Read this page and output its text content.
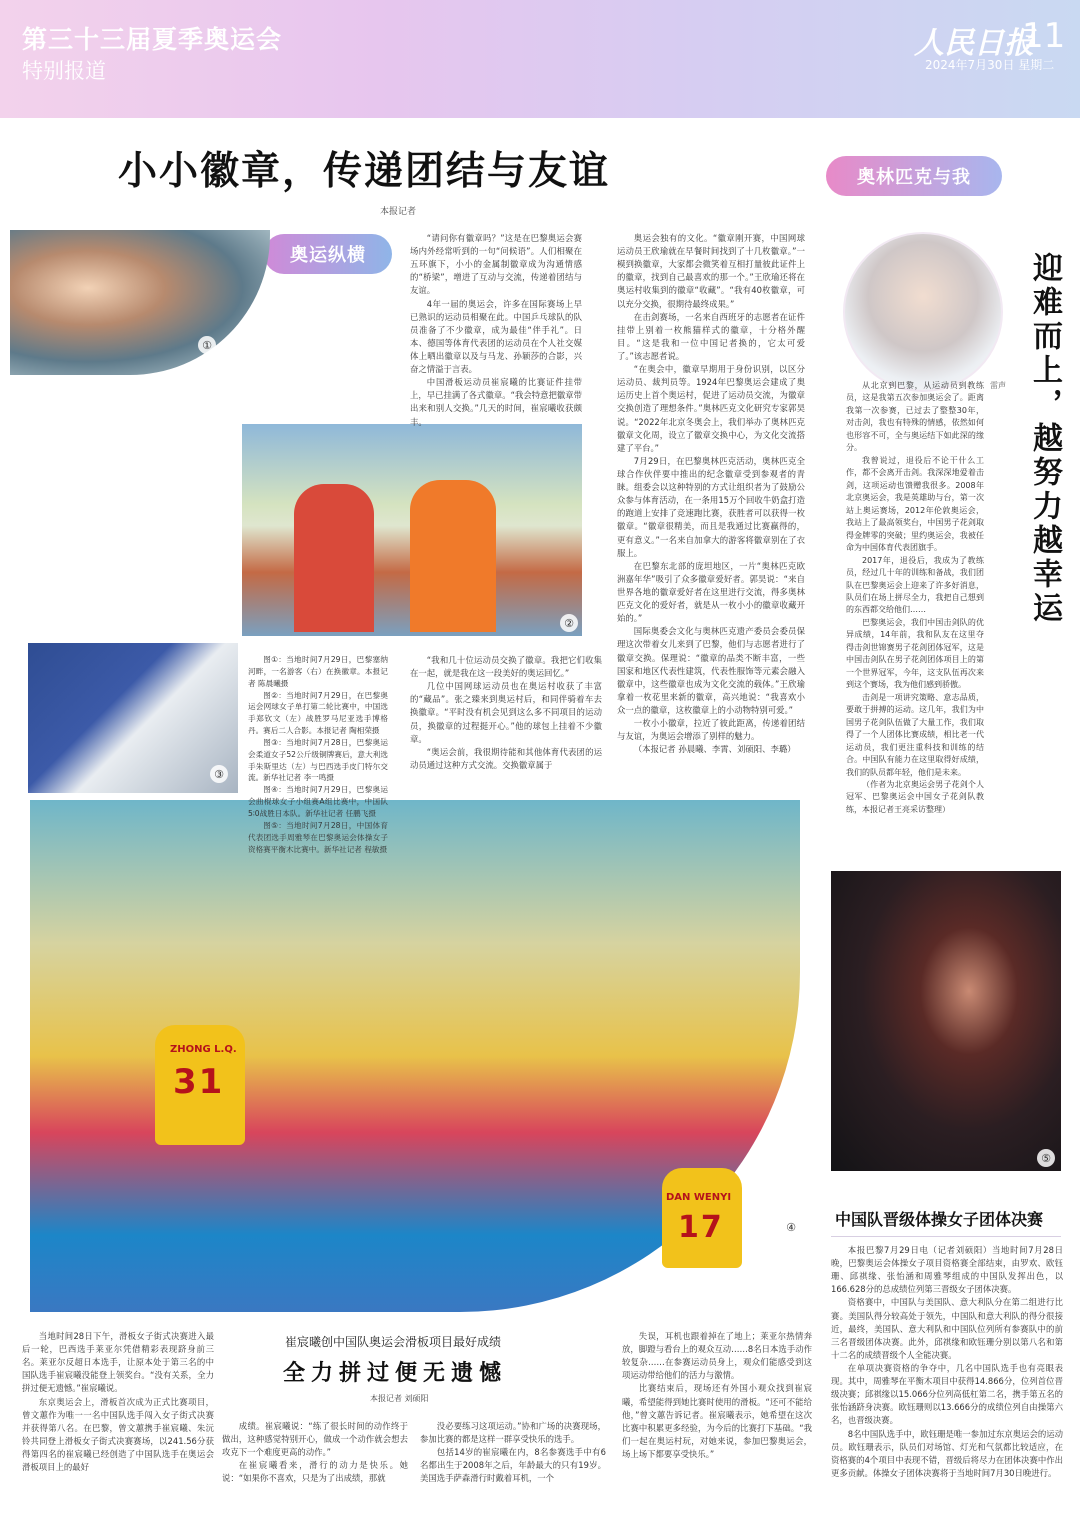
第三十三届夏季奥运会
特别报道
人民日报
11
2024年7月30日 星期二
小小徽章，传递团结与友谊
本报记者
奥运纵横
奥林匹克与我
①
②
③
31
ZHONG L.Q.
17
DAN WENYI
④
⑤

“请问你有徽章吗？”这是在巴黎奥运会赛场内外经常听到的一句“问候语”。人们相聚在五环旗下，小小的金属制徽章成为沟通情感的“桥梁”，增进了互动与交流，传递着团结与友谊。

4年一届的奥运会，许多在国际赛场上早已熟识的运动员相聚在此。中国乒乓球队的队员准备了不少徽章，成为最佳“伴手礼”。日本、德国等体育代表团的运动员在个人社交媒体上晒出徽章以及与马龙、孙颖莎的合影，兴奋之情溢于言表。

中国滑板运动员崔宸曦的比赛证件挂带上，早已挂满了各式徽章。“我会特意把徽章带出来和别人交换。”几天的时间，崔宸曦收获颇丰。

奥运会独有的文化。“徽章刚开赛，中国网球运动员王欣瑜就在早餐时间找到了十几枚徽章。”一模到换徽章，大家都会微笑着互相打量彼此证件上的徽章，找到自己最喜欢的那一个。”王欣瑜还将在奥运村收集到的徽章“收藏”。“我有40枚徽章，可以充分交换，很期待最终成果。”

在击剑赛场，一名来自西班牙的志愿者在证件挂带上别着一枚熊猫样式的徽章，十分格外醒目。“这是我和一位中国记者换的，它太可爱了。”该志愿者说。

“在奥会中，徽章早期用于身份识别，以区分运动员、裁判员等。1924年巴黎奥运会建成了奥运历史上首个奥运村，促进了运动员交流，为徽章交换创造了理想条件。”奥林匹克文化研究专家郭昊说。“2022年北京冬奥会上，我们举办了奥林匹克徽章文化周，设立了徽章交换中心，为文化交流搭建了平台。”

7月29日，在巴黎奥林匹克活动，奥林匹克全球合作伙伴要中推出的纪念徽章受到参观者的青睐。组委会以这种特别的方式让组织者为了鼓励公众参与体育活动，在一条用15万个回收牛奶盒打造的跑道上安排了竞速跑比赛，获胜者可以获得一枚徽章。“徽章很精美，而且是我通过比赛赢得的，更有意义。”一名来自加拿大的游客将徽章别在了衣服上。

在巴黎东北部的庞坦地区，一片“奥林匹克欧洲嘉年华”吸引了众多徽章爱好者。郭昊说：“来自世界各地的徽章爱好者在这里进行交流，得多奥林匹克文化的爱好者，就是从一枚小小的徽章收藏开始的。”

国际奥委会文化与奥林匹克遗产委员会委员保理这次带着女儿来到了巴黎，他们与志愿者进行了徽章交换。保理说：“徽章的品类不断丰富，一些国家和地区代表性建筑，代表性服饰等元素会融入徽章中，这些徽章也成为文化交流的载体。”王欣瑜拿着一枚花里来新的徽章，高兴地说：“我喜欢小众一点的徽章，这枚徽章上的小动物特别可爱。”

一枚小小徽章，拉近了彼此距离，传递着团结与友谊，为奥运会增添了别样的魅力。

（本报记者 孙晨曦、李霄、刘硕阳、李璐）

“我和几十位运动员交换了徽章。我把它们收集在一起，就是我在这一段美好的奥运回忆。”

几位中国网球运动员也在奥运村收获了丰富的“藏品”。张之臻来到奥运村后，和同伴骑着车去换徽章。“平时没有机会见到这么多不同项目的运动员，换徽章的过程挺开心。”他的球包上挂着不少徽章。

“奥运会前，我很期待能和其他体育代表团的运动员通过这种方式交流。交换徽章属于

图①：当地时间7月29日，巴黎塞纳河畔，一名游客（右）在换徽章。本报记者 陈晨曦摄

图②：当地时间7月29日，在巴黎奥运会网球女子单打第二轮比赛中，中国选手郑钦文（左）战胜罗马尼亚选手博格丹。赛后二人合影。本报记者 陶相荣摄

图③：当地时间7月28日，巴黎奥运会柔道女子52公斤级铜牌赛后，意大利选手朱斯里达（左）与巴西选手皮门特尔交流。新华社记者 李一鸣摄

图④：当地时间7月29日，巴黎奥运会曲棍球女子小组赛A组比赛中，中国队5∶0战胜日本队。新华社记者 任鹏飞摄

图⑤：当地时间7月28日，中国体育代表团选手周雅琴在巴黎奥运会体操女子资格赛平衡木比赛中。新华社记者 程敏摄

迎难而上，越努力越幸运
雷声

从北京到巴黎，从运动员到教练员，这是我第五次参加奥运会了。距离我第一次参赛，已过去了整整30年，对击剑，我也有特殊的情感，依然如何也形容不可，全与奥运结下如此深的缘分。

我曾说过，退役后不论干什么工作，都不会离开击剑。我深深地爱着击剑，这项运动也馈赠我很多。2008年北京奥运会，我是英雄助与台，第一次站上奥运赛场，2012年伦敦奥运会，我站上了最高领奖台，中国男子花剑取得金牌零的突破；里约奥运会，我被任命为中国体育代表团旗手。

2017年，退役后，我成为了教练员，经过几十年的训练和备战，我们团队在巴黎奥运会上迎来了许多好消息，队员们在场上拼尽全力，我把自己想到的东西都交给他们……

巴黎奥运会，我们中国击剑队的优异成绩，14年前，我和队友在这里夺得击剑世锦赛男子花剑团体冠军，这是中国击剑队在男子花剑团体项目上的第一个世界冠军，今年，这支队伍再次来到这个赛场，我为他们感到骄傲。

击剑是一项讲究策略、意志品质，要敢于拼搏的运动。这几年，我们为中国男子花剑队伍做了大量工作，我们取得了一个人团体比赛成绩，相比老一代运动员，我们更注重科技和训练的结合。中国队有能力在这里取得好成绩，我们的队员都年轻，他们是未来。

（作者为北京奥运会男子花剑个人冠军、巴黎奥运会中国女子花剑队教练，本报记者王亮采访整理）

中国队晋级体操女子团体决赛

本报巴黎7月29日电（记者刘硕阳）当地时间7月28日晚，巴黎奥运会体操女子项目资格赛全部结束，由罗欢、欧钰珊、邱祺缘、张怡涵和周雅琴组成的中国队发挥出色，以166.628分的总成绩位列第三晋级女子团体决赛。

资格赛中，中国队与美国队、意大利队分在第二组进行比赛。美国队得分较高处于领先，中国队和意大利队的得分很接近，最终，美国队、意大利队和中国队位列所有参赛队中的前三名晋级团体决赛。此外，邱祺缘和欧钰珊分别以第八名和第十二名的成绩晋级个人全能决赛。

在单项决赛资格的争夺中，几名中国队选手也有亮眼表现。其中，周雅琴在平衡木项目中获得14.866分，位列首位晋级决赛；邱祺缘以15.066分位列高低杠第二名，携手第五名的张怡涵跻身决赛。欧钰珊则以13.666分的成绩位列自由操第六名，也晋级决赛。

8名中国队选手中，欧钰珊是唯一参加过东京奥运会的运动员。欧钰珊表示，队员们对场馆、灯光和气氛都比较适应，在资格赛的4个项目中表现不错，晋级后将尽力在团体决赛中作出更多贡献。体操女子团体决赛将于当地时间7月30日晚进行。

当地时间28日下午，滑板女子街式决赛进入最后一轮，巴西选手莱亚尔凭借精彩表现跻身前三名。莱亚尔反超日本选手，让原本处于第三名的中国队选手崔宸曦没能登上领奖台。“没有关系，全力拼过便无遗憾。”崔宸曦说。

东京奥运会上，滑板首次成为正式比赛项目，曾文蕙作为唯一一名中国队选手闯入女子街式决赛并获得第八名。在巴黎，曾文蕙携手崔宸曦、朱沅铃共同登上滑板女子街式决赛赛场，以241.56分获得第四名的崔宸曦已经创造了中国队选手在奥运会滑板项目上的最好

崔宸曦创中国队奥运会滑板项目最好成绩
全力拼过便无遗憾
本报记者 刘硕阳

成绩。崔宸曦说：“练了很长时间的动作终于做出，这种感觉特别开心，做成一个动作就会想去攻克下一个难度更高的动作。”

在崔宸曦看来，滑行的动力是快乐。她说：“如果你不喜欢，只是为了出成绩，那就

没必要练习这项运动。”协和广场的决赛现场，参加比赛的都是这样一群享受快乐的选手。

包括14岁的崔宸曦在内，8名参赛选手中有6名都出生于2008年之后，年龄最大的只有19岁。美国选手萨森滑行时戴着耳机，一个

失误，耳机也跟着掉在了地上；莱亚尔热情奔放，脚蹬与看台上的观众互动……8名日本选手动作较复杂……在参赛运动员身上，观众们能感受到这项运动带给他们的活力与激情。

比赛结束后，现场还有外国小观众找到崔宸曦，希望能得到她比赛时使用的滑板。“还可不能给他，”曾文蕙告诉记者。崔宸曦表示，她希望在这次比赛中积累更多经验，为今后的比赛打下基础。“我们一起在奥运村玩，对她来说，参加巴黎奥运会，场上场下都要享受快乐。”
